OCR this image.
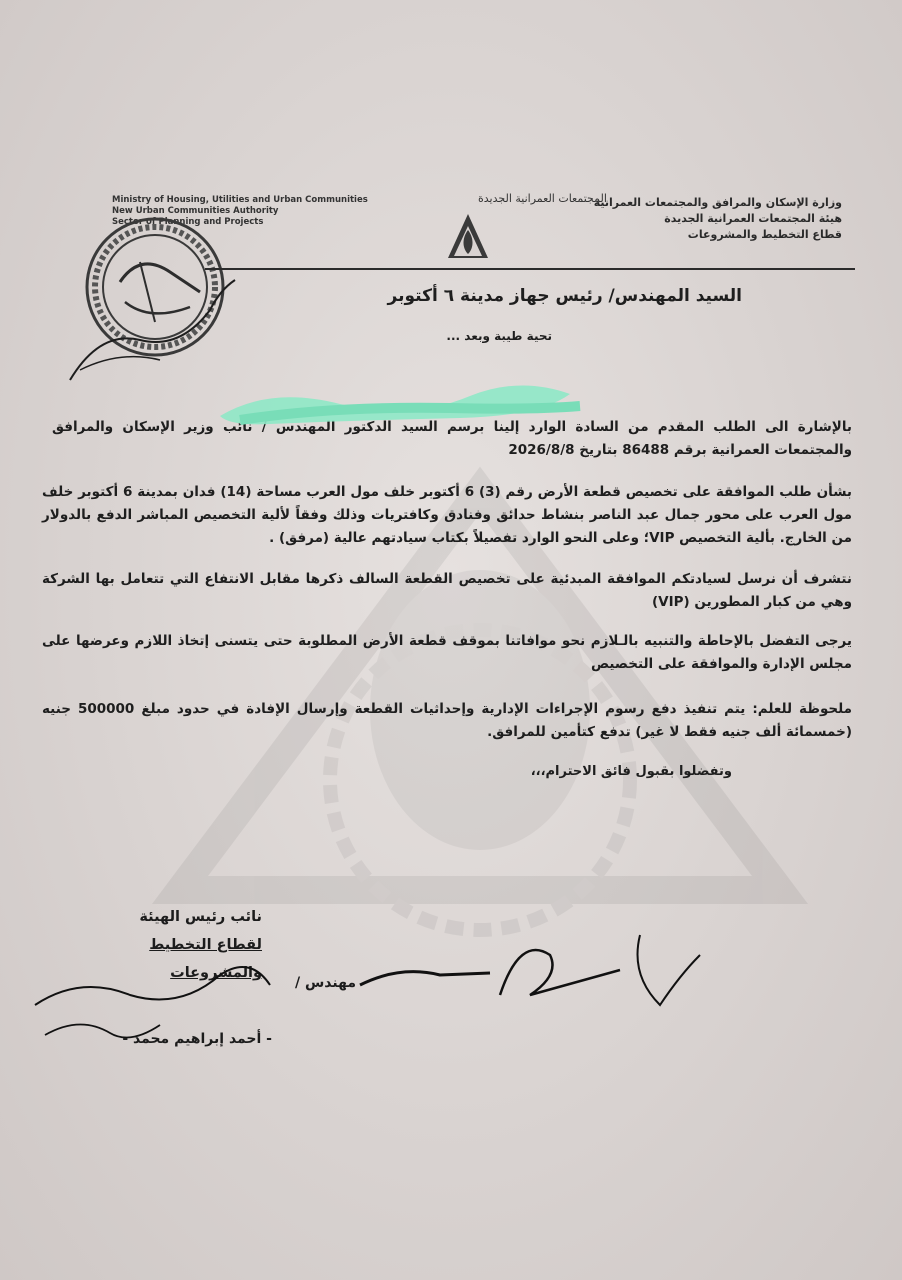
Ministry of Housing, Utilities and Urban Communities
New Urban Communities Authority
Sector of Planning and Projects
المجتمعات العمرانية الجديدة
وزارة الإسكان والمرافق والمجتمعات العمرانية
هيئة المجتمعات العمرانية الجديدة
قطاع التخطيط والمشروعات
السيد المهندس/ رئيس جهاز مدينة ٦ أكتوبر
تحية طيبة وبعد ...
بالإشارة الى الطلب المقدم من السادة الوارد إلينا برسم السيد الدكتور المهندس / نائب وزير الإسكان والمرافق والمجتمعات العمرانية برقم 86488 بتاريخ 2026/8/8
بشأن طلب الموافقة على تخصيص قطعة الأرض رقم (3) 6 أكتوبر خلف مول العرب مساحة (14) فدان بمدينة 6 أكتوبر خلف مول العرب على محور جمال عبد الناصر بنشاط حدائق وفنادق وكافتريات وذلك وفقاً لألية التخصيص المباشر الدفع بالدولار من الخارج. بألية التخصيص VIP؛ وعلى النحو الوارد تفصيلاً بكتاب سيادتهم عالية (مرفق) .
نتشرف أن نرسل لسيادتكم الموافقة المبدئية على تخصيص القطعة السالف ذكرها مقابل الانتفاع التي تتعامل بها الشركة وهي من كبار المطورين (VIP)
يرجى التفضل بالإحاطة والتنبيه بالـلازم نحو موافاتنا بموقف قطعة الأرض المطلوبة حتى يتسنى إتخاذ اللازم وعرضها على مجلس الإدارة والموافقة على التخصيص
ملحوظة للعلم: يتم تنفيذ دفع رسوم الإجراءات الإدارية وإحداثيات القطعة وإرسال الإفادة في حدود مبلغ 500000 جنيه (خمسمائة ألف جنيه فقط لا غير) تدفع كتأمين للمرافق.
وتفضلوا بقبول فائق الاحترام،،،
نائب رئيس الهيئة
لقطاع التخطيط والمشروعات
مهندس /
- أحمد إبراهيم محمد -
